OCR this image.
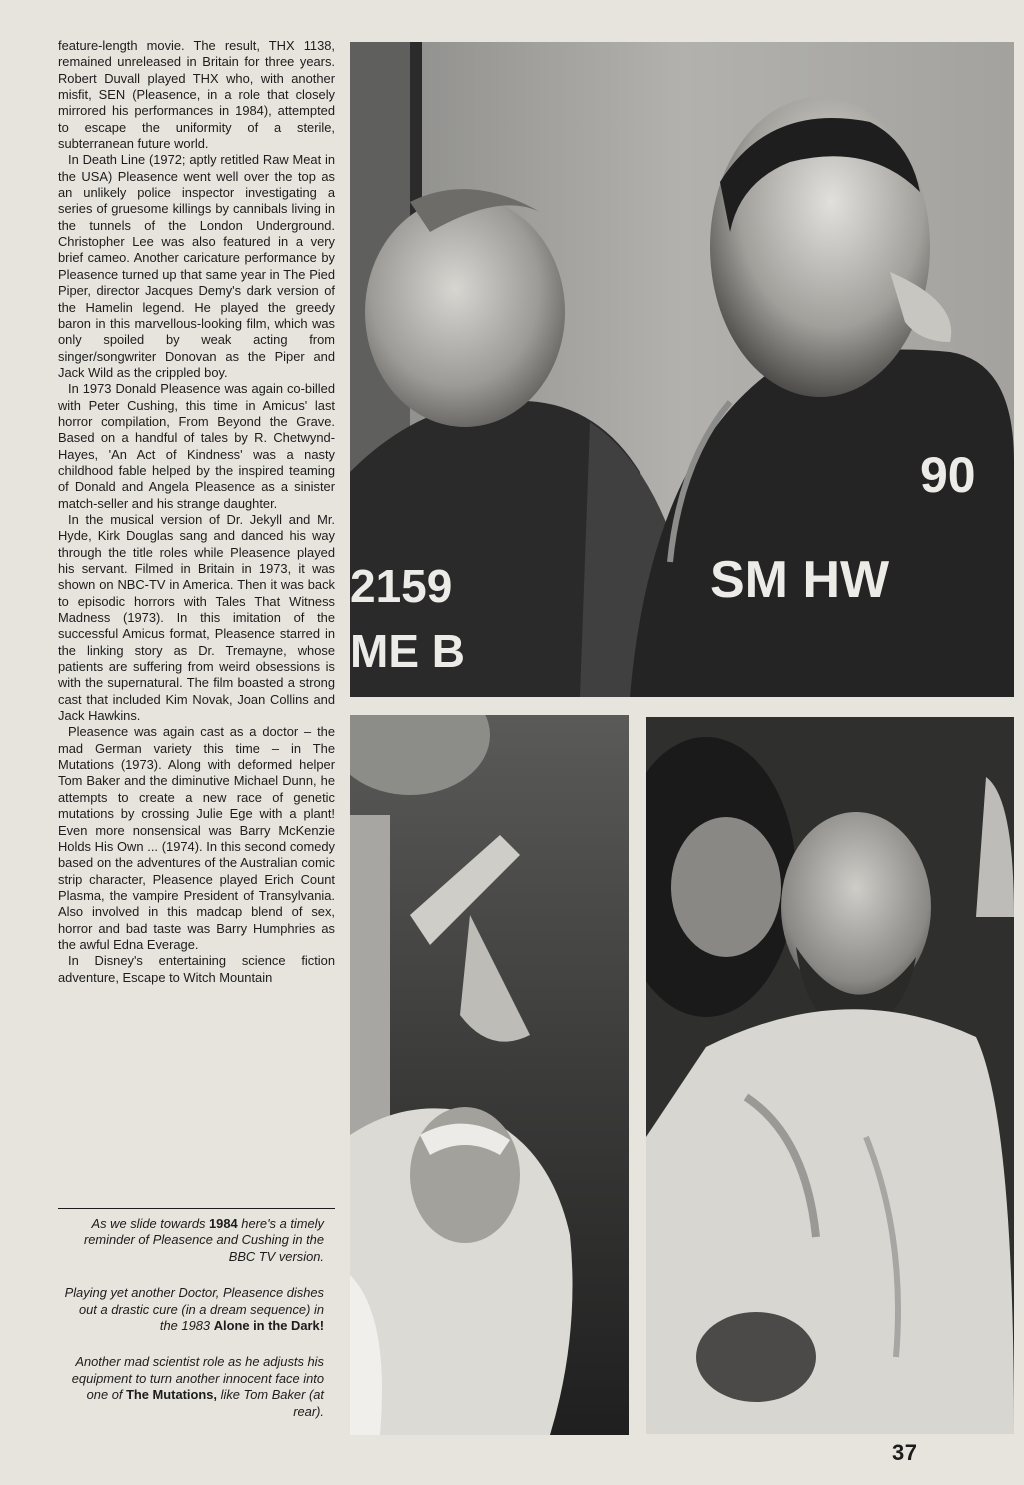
feature-length movie. The result, THX 1138, remained unreleased in Britain for three years. Robert Duvall played THX who, with another misfit, SEN (Pleasence, in a role that closely mirrored his performances in 1984), attempted to escape the uniformity of a sterile, subterranean future world.

In Death Line (1972; aptly retitled Raw Meat in the USA) Pleasence went well over the top as an unlikely police inspector investigating a series of gruesome killings by cannibals living in the tunnels of the London Underground. Christopher Lee was also featured in a very brief cameo. Another caricature performance by Pleasence turned up that same year in The Pied Piper, director Jacques Demy's dark version of the Hamelin legend. He played the greedy baron in this marvellous-looking film, which was only spoiled by weak acting from singer/songwriter Donovan as the Piper and Jack Wild as the crippled boy.

In 1973 Donald Pleasence was again co-billed with Peter Cushing, this time in Amicus' last horror compilation, From Beyond the Grave. Based on a handful of tales by R. Chetwynd-Hayes, 'An Act of Kindness' was a nasty childhood fable helped by the inspired teaming of Donald and Angela Pleasence as a sinister match-seller and his strange daughter.

In the musical version of Dr. Jekyll and Mr. Hyde, Kirk Douglas sang and danced his way through the title roles while Pleasence played his servant. Filmed in Britain in 1973, it was shown on NBC-TV in America. Then it was back to episodic horrors with Tales That Witness Madness (1973). In this imitation of the successful Amicus format, Pleasence starred in the linking story as Dr. Tremayne, whose patients are suffering from weird obsessions is with the supernatural. The film boasted a strong cast that included Kim Novak, Joan Collins and Jack Hawkins.

Pleasence was again cast as a doctor – the mad German variety this time – in The Mutations (1973). Along with deformed helper Tom Baker and the diminutive Michael Dunn, he attempts to create a new race of genetic mutations by crossing Julie Ege with a plant! Even more nonsensical was Barry McKenzie Holds His Own ... (1974). In this second comedy based on the adventures of the Australian comic strip character, Pleasence played Erich Count Plasma, the vampire President of Transylvania. Also involved in this madcap blend of sex, horror and bad taste was Barry Humphries as the awful Edna Everage.

In Disney's entertaining science fiction adventure, Escape to Witch Mountain

As we slide towards 1984 here's a timely reminder of Pleasence and Cushing in the BBC TV version.

Playing yet another Doctor, Pleasence dishes out a drastic cure (in a dream sequence) in the 1983 Alone in the Dark!

Another mad scientist role as he adjusts his equipment to turn another innocent face into one of The Mutations, like Tom Baker (at rear).

2159
ME B
90
SM HW
37
